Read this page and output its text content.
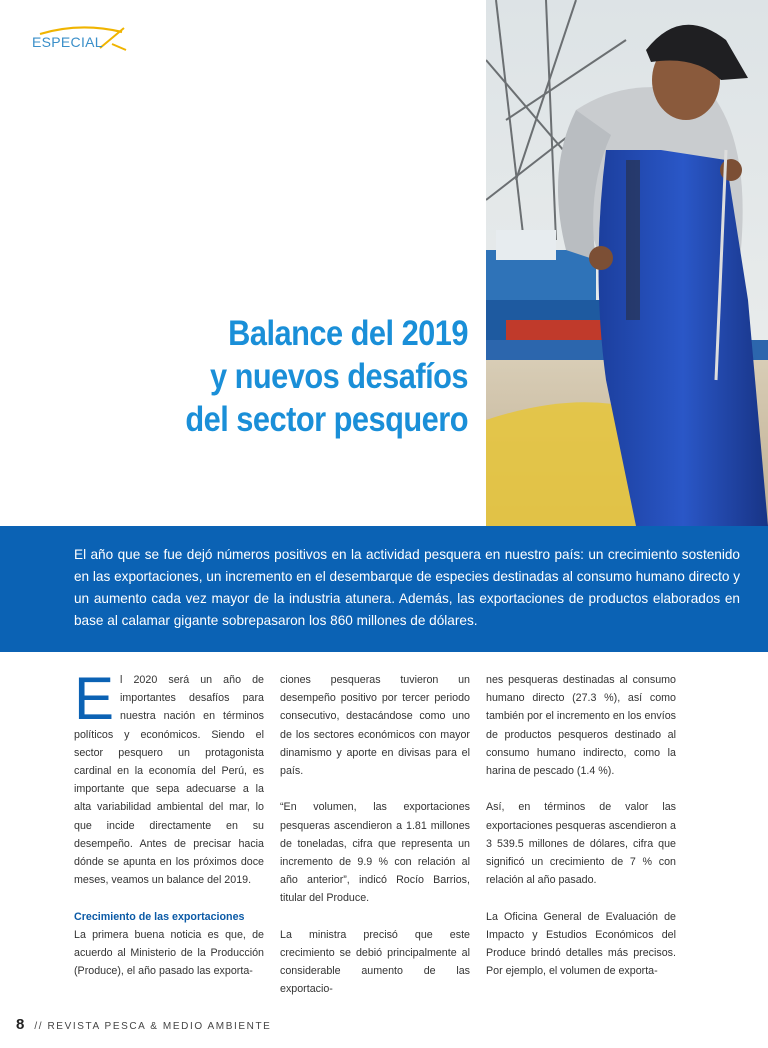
ESPECIAL
Balance del 2019
y nuevos desafíos
del sector pesquero

El año que se fue dejó números positivos en la actividad pesquera en nuestro país: un crecimiento sostenido en las exportaciones, un incremento en el desembarque de especies destinadas al consumo humano directo y un aumento cada vez mayor de la industria atunera. Además, las exportaciones de productos elaborados en base al calamar gigante sobrepasaron los 860 millones de dólares.

El 2020 será un año de importantes desafíos para nuestra nación en términos políticos y económicos. Siendo el sector pesquero un protagonista cardinal en la economía del Perú, es importante que sepa adecuarse a la alta variabilidad ambiental del mar, lo que incide directamente en su desempeño. Antes de precisar hacia dónde se apunta en los próximos doce meses, veamos un balance del 2019.

Crecimiento de las exportaciones

La primera buena noticia es que, de acuerdo al Ministerio de la Producción (Produce), el año pasado las exporta-

ciones pesqueras tuvieron un desempeño positivo por tercer periodo consecutivo, destacándose como uno de los sectores económicos con mayor dinamismo y aporte en divisas para el país.

“En volumen, las exportaciones pesqueras ascendieron a 1.81 millones de toneladas, cifra que representa un incremento de 9.9 % con relación al año anterior”, indicó Rocío Barrios, titular del Produce.

La ministra precisó que este crecimiento se debió principalmente al considerable aumento de las exportacio-

nes pesqueras destinadas al consumo humano directo (27.3 %), así como también por el incremento en los envíos de productos pesqueros destinado al consumo humano indirecto, como la harina de pescado (1.4 %).

Así, en términos de valor las exportaciones pesqueras ascendieron a 3 539.5 millones de dólares, cifra que significó un crecimiento de 7 % con relación al año pasado.

La Oficina General de Evaluación de Impacto y Estudios Económicos del Produce brindó detalles más precisos. Por ejemplo, el volumen de exporta-

8 // REVISTA PESCA & MEDIO AMBIENTE
